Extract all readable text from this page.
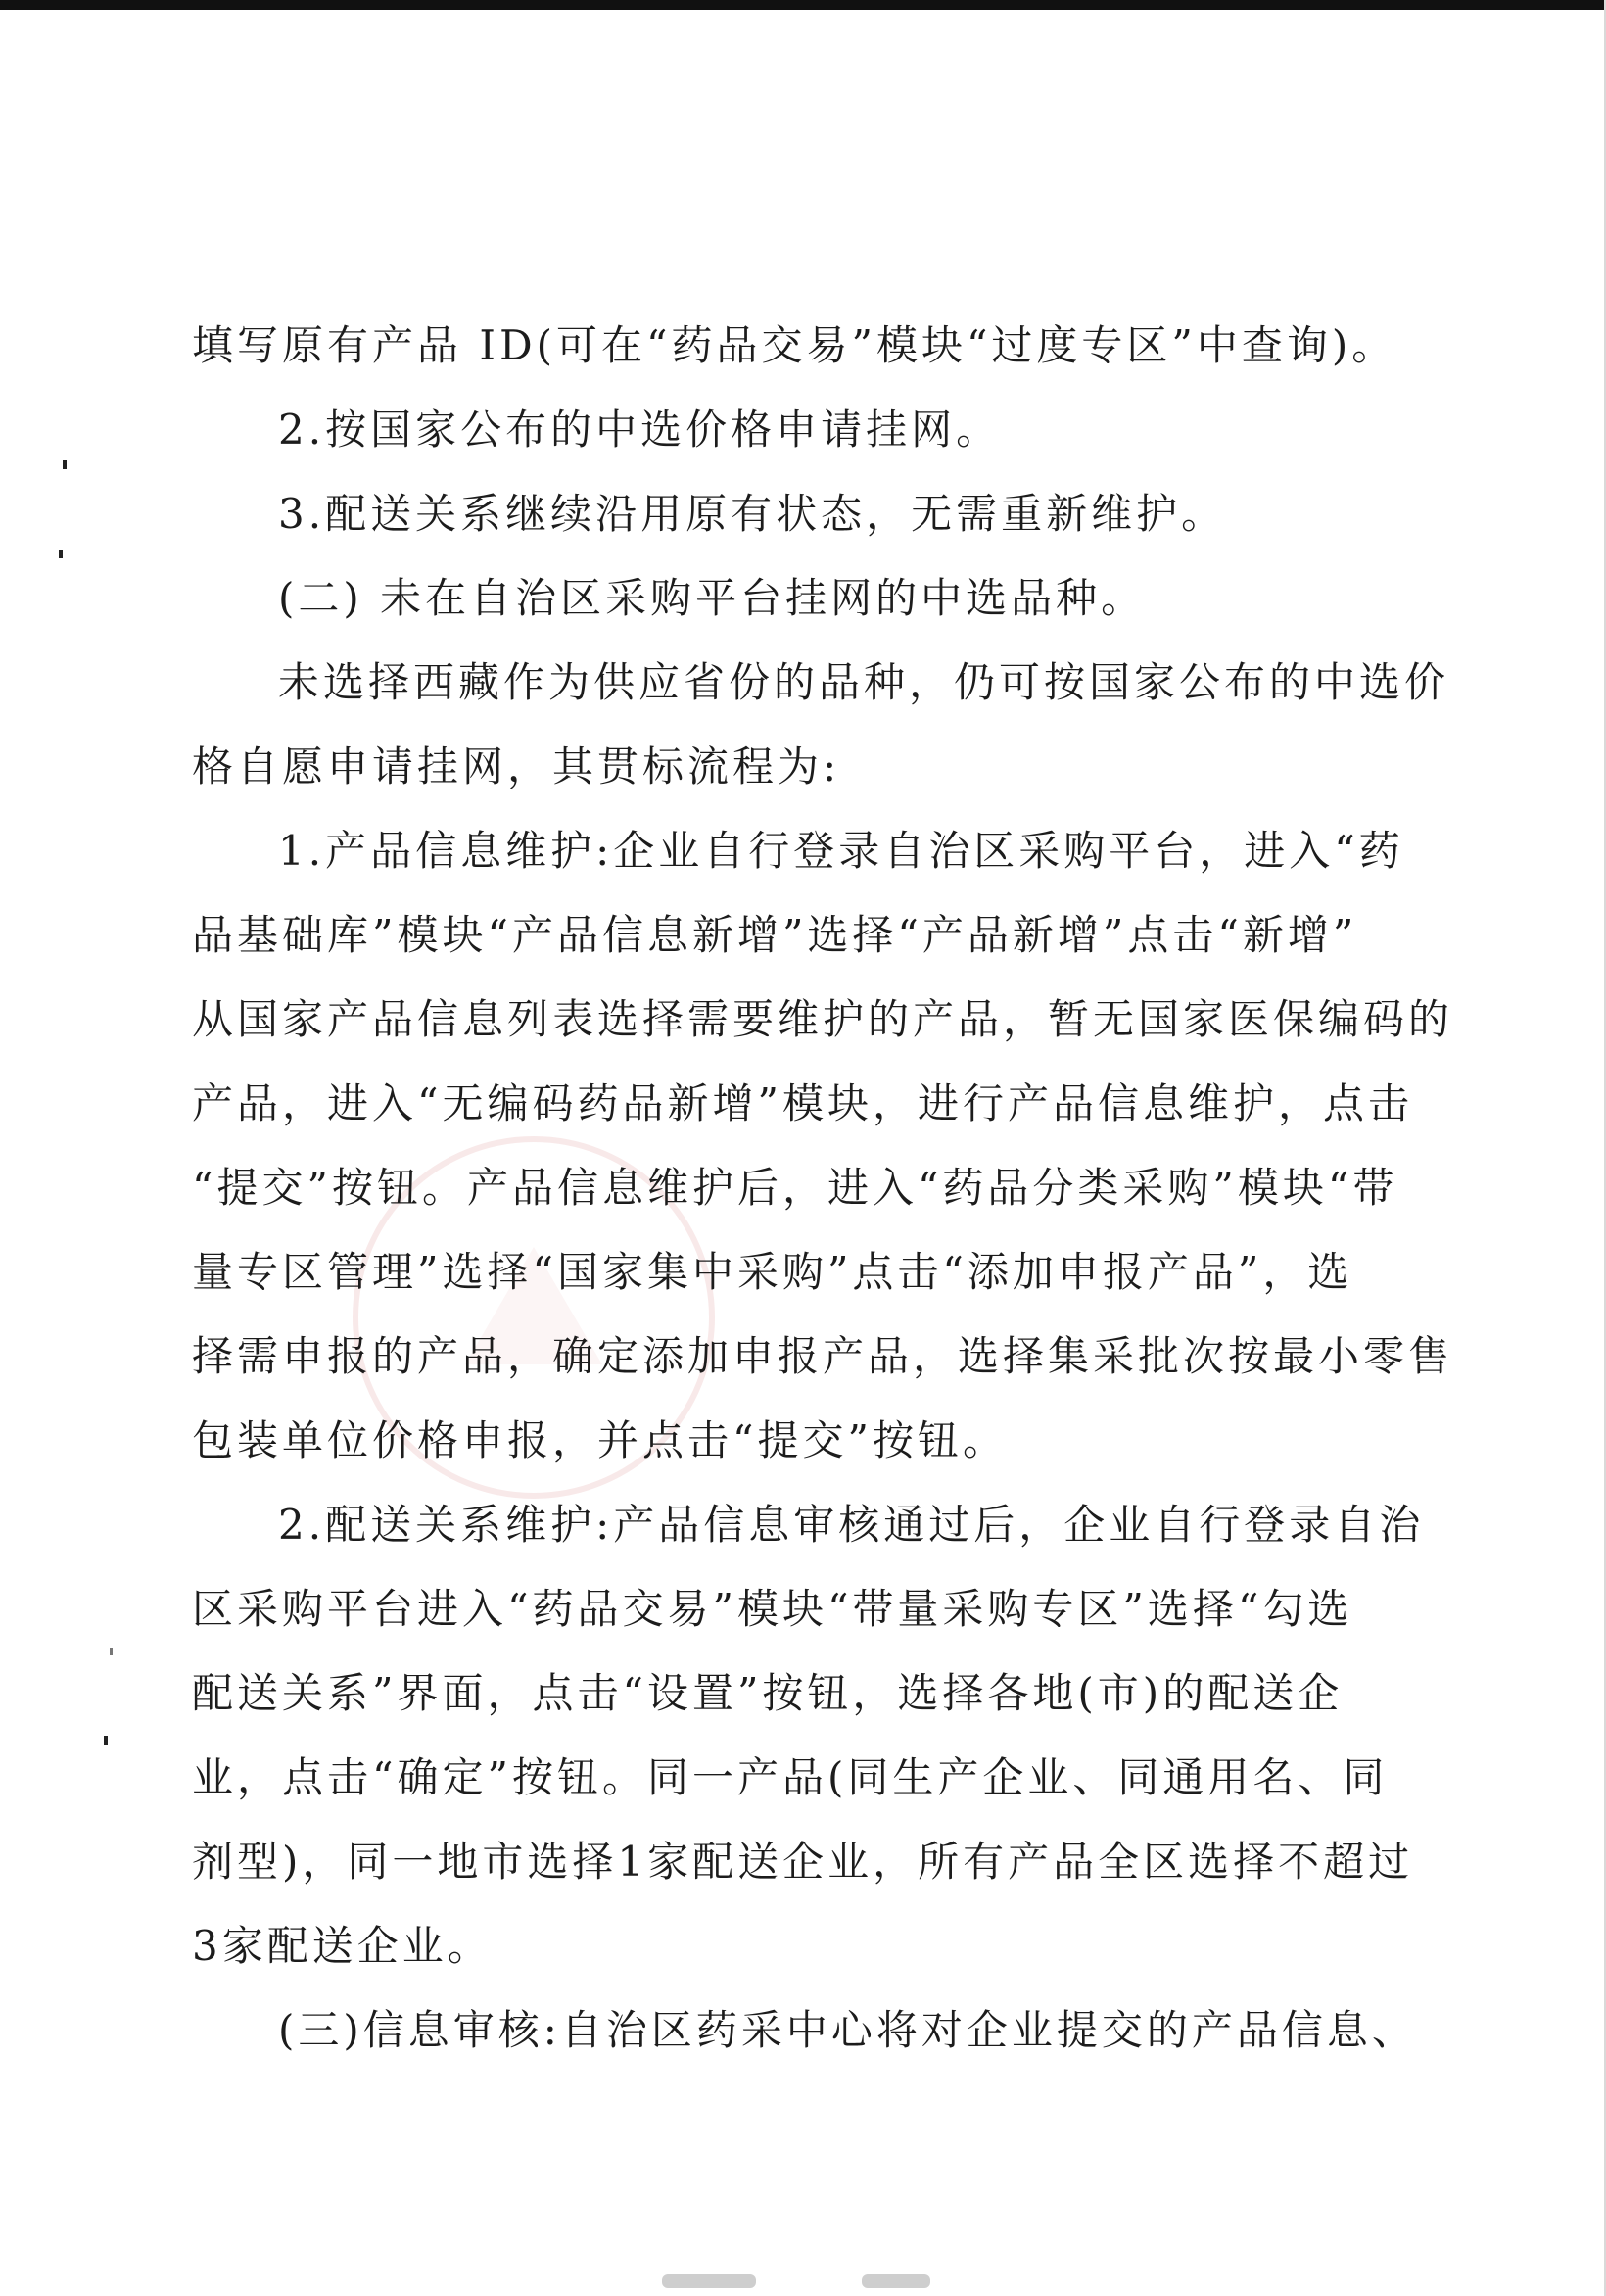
填写原有产品 ID(可在“药品交易”模块“过度专区”中查询)。
2.按国家公布的中选价格申请挂网。
3.配送关系继续沿用原有状态，无需重新维护。
(二) 未在自治区采购平台挂网的中选品种。
未选择西藏作为供应省份的品种，仍可按国家公布的中选价
格自愿申请挂网，其贯标流程为:
1.产品信息维护:企业自行登录自治区采购平台，进入“药
品基础库”模块“产品信息新增”选择“产品新增”点击“新增”
从国家产品信息列表选择需要维护的产品，暂无国家医保编码的
产品，进入“无编码药品新增”模块，进行产品信息维护，点击
“提交”按钮。产品信息维护后，进入“药品分类采购”模块“带
量专区管理”选择“国家集中采购”点击“添加申报产品”，选
择需申报的产品，确定添加申报产品，选择集采批次按最小零售
包装单位价格申报，并点击“提交”按钮。
2.配送关系维护:产品信息审核通过后，企业自行登录自治
区采购平台进入“药品交易”模块“带量采购专区”选择“勾选
配送关系”界面，点击“设置”按钮，选择各地(市)的配送企
业，点击“确定”按钮。同一产品(同生产企业、同通用名、同
剂型)，同一地市选择1家配送企业，所有产品全区选择不超过
3家配送企业。
(三)信息审核:自治区药采中心将对企业提交的产品信息、
